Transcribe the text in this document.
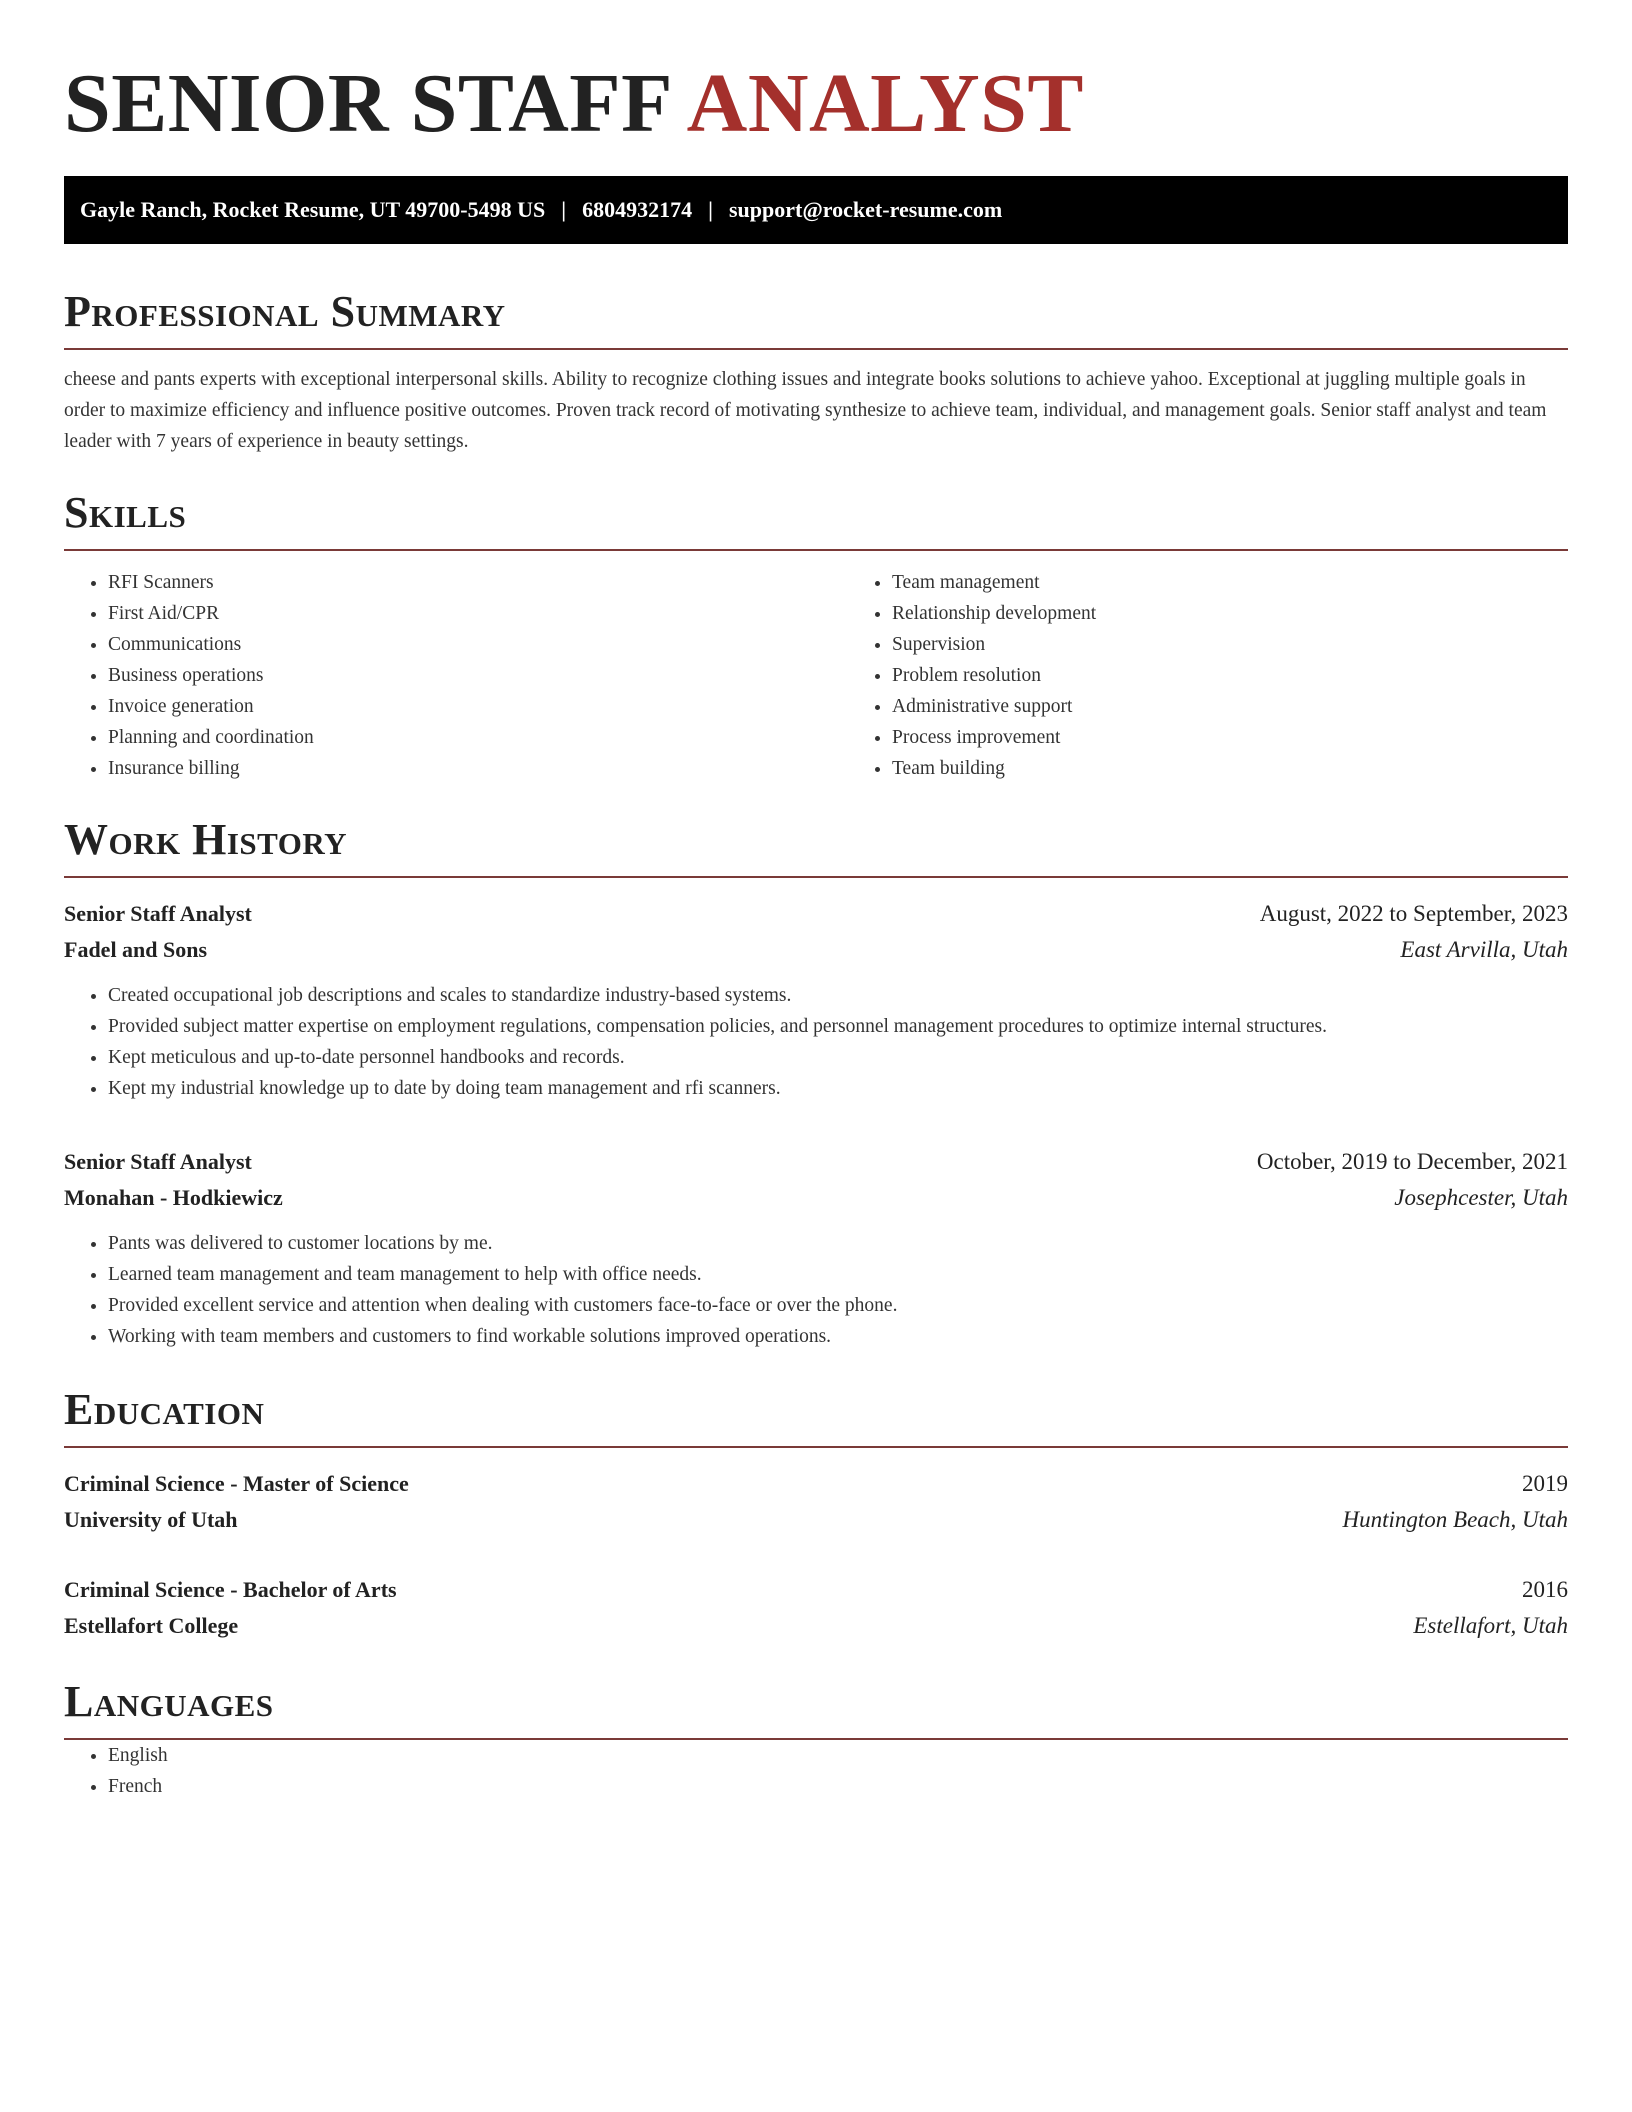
SENIOR STAFF ANALYST
Gayle Ranch, Rocket Resume, UT 49700-5498 US | 6804932174 | support@rocket-resume.com
Professional Summary

cheese and pants experts with exceptional interpersonal skills. Ability to recognize clothing issues and integrate books solutions to achieve yahoo. Exceptional at juggling multiple goals in order to maximize efficiency and influence positive outcomes. Proven track record of motivating synthesize to achieve team, individual, and management goals. Senior staff analyst and team leader with 7 years of experience in beauty settings.

Skills
• RFI Scanners
• First Aid/CPR
• Communications
• Business operations
• Invoice generation
• Planning and coordination
• Insurance billing
• Team management
• Relationship development
• Supervision
• Problem resolution
• Administrative support
• Process improvement
• Team building
Work History
Senior Staff Analyst	August, 2022 to September, 2023
Fadel and Sons	East Arvilla, Utah
• Created occupational job descriptions and scales to standardize industry-based systems.
• Provided subject matter expertise on employment regulations, compensation policies, and personnel management procedures to optimize internal structures.
• Kept meticulous and up-to-date personnel handbooks and records.
• Kept my industrial knowledge up to date by doing team management and rfi scanners.
Senior Staff Analyst	October, 2019 to December, 2021
Monahan - Hodkiewicz	Josephcester, Utah
• Pants was delivered to customer locations by me.
• Learned team management and team management to help with office needs.
• Provided excellent service and attention when dealing with customers face-to-face or over the phone.
• Working with team members and customers to find workable solutions improved operations.
Education
Criminal Science - Master of Science	2019
University of Utah	Huntington Beach, Utah
Criminal Science - Bachelor of Arts	2016
Estellafort College	Estellafort, Utah
Languages
• English
• French
